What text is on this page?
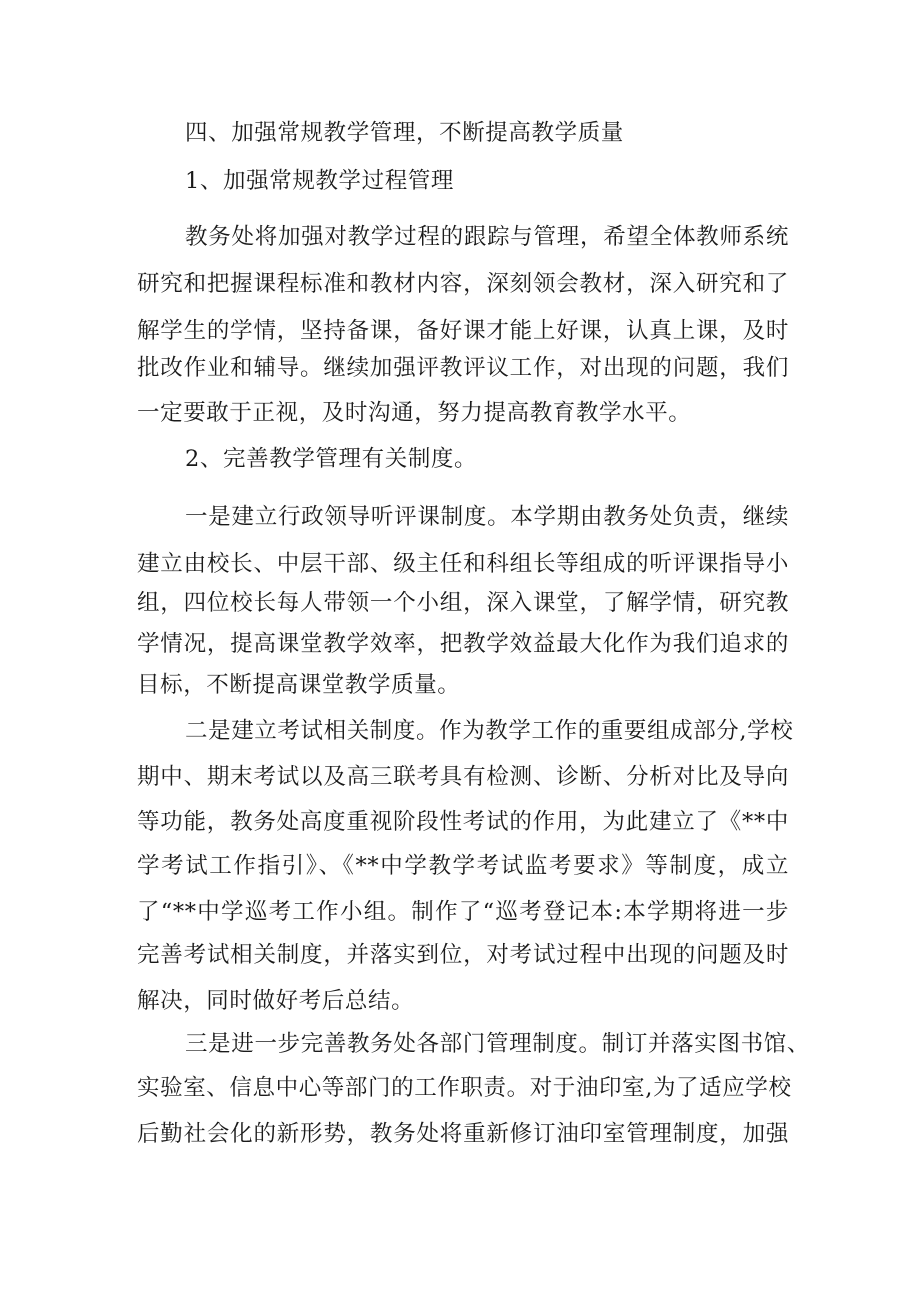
四、加强常规教学管理，不断提高教学质量
1、加强常规教学过程管理
教务处将加强对教学过程的跟踪与管理，希望全体教师系统
研究和把握课程标准和教材内容，深刻领会教材，深入研究和了
解学生的学情，坚持备课，备好课才能上好课，认真上课，及时
批改作业和辅导。继续加强评教评议工作，对出现的问题，我们
一定要敢于正视，及时沟通，努力提高教育教学水平。
2、完善教学管理有关制度。
一是建立行政领导听评课制度。本学期由教务处负责，继续
建立由校长、中层干部、级主任和科组长等组成的听评课指导小
组，四位校长每人带领一个小组，深入课堂，了解学情，研究教
学情况，提高课堂教学效率，把教学效益最大化作为我们追求的
目标，不断提高课堂教学质量。
二是建立考试相关制度。作为教学工作的重要组成部分,学校
期中、期末考试以及高三联考具有检测、诊断、分析对比及导向
等功能，教务处高度重视阶段性考试的作用，为此建立了《**中
学考试工作指引》、《**中学教学考试监考要求》等制度，成立
了“**中学巡考工作小组。制作了“巡考登记本:本学期将进一步
完善考试相关制度，并落实到位，对考试过程中出现的问题及时
解决，同时做好考后总结。
三是进一步完善教务处各部门管理制度。制订并落实图书馆、
实验室、信息中心等部门的工作职责。对于油印室,为了适应学校
后勤社会化的新形势，教务处将重新修订油印室管理制度，加强
